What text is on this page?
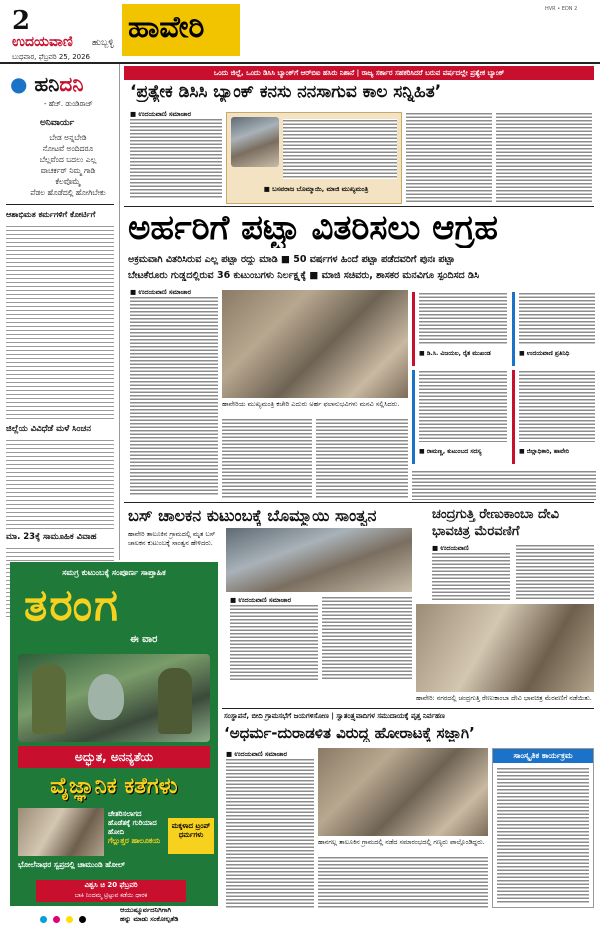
2
ಉದಯವಾಣಿ ಹುಬ್ಬಳ್ಳಿ
ಬುಧವಾರ, ಫೆಬ್ರವರಿ 25, 2026
ಹಾವೇರಿ
HVR • EDN 2
● ಹನಿದನಿ
- ಹೆಚ್. ಡುಂಡಿರಾಜ್
ಅನಿವಾರ್ಯ
ಬೇಡ ಅನ್ನಬೇಡಿ
ನೋಟವೆ ಅಂದಿದರೂ
ಬೆಲ್ಲವೆಂದ ಬದಲು ಎಲ್ಲ
ವಾಚರ್ಕರ್ ನಿಮ್ಮ ಗಾಡಿ
ಕೆಲವೊಮ್ಮೆ
ಪೆಡಲ ಹೊಡೆದಲ್ಲಿ ಹೋಗಿಬೇಕು
ಆಶಾಭಿಮತ ಕರ್ಮಗಳಿಗೆ ಕೋರ್ಟಿಗೆ
ಜಿಲ್ಲೆಯ ವಿವಿಧೆಡೆ ಮಳೆ ಸಿಂಚನ
ಮಾ. 23ಕ್ಕೆ ಸಾಮೂಹಿಕ ವಿವಾಹ
ಸಮಗ್ರ ಕುಟುಂಬಕ್ಕೆ ಸಂಪೂರ್ಣ ಸಾಪ್ತಾಹಿಕ
ತರಂಗ
ಈ ವಾರ
ಅದ್ಭುತ, ಅನನ್ಯತೆಯ
ವೈಜ್ಞಾನಿಕ ಕತೆಗಳು
ಚೇತರಿಸಲಾಗದ ಹೊಡೆತಕ್ಕೆ ಗುರಿಯಾದ ಹೋದಿ
ಗೆಲ್ಲುತ್ತರ ಹಾಲೂಕಯ
ಮಕ್ಕಳಾದ ಟ್ರಂಪ್ ಧರ್ಮಗಳು
ಭೋಲೆನಾಥರ ಸ್ವಪ್ರದಲ್ಲಿ ಚಾಮುಂಡಿ ಹೋಲ್
ವಿಶ್ವಸಿ ಚಿ 20 ಫೆಬ್ರವರಿ
ಬಾಕಿ ನಿಂದಮ್ಮ ಟ್ರಿಟ್ಟುವ ಕಡೆಯಿ ಧಾರಕ
ಒಂದು ಜಿಲ್ಲೆ, ಒಂದು ಡಿಸಿಸಿ ಬ್ಯಾಂಕ್‌ಗೆ ಆರ್‌ಬಿಐ ಹಸಿರು ನಿಶಾನೆ | ರಾಜ್ಯ ಸರ್ಕಾರ ಸಹಕರಿಸಿದರೆ ಬರುವ ವರ್ಷದಲ್ಲೇ ಪ್ರತ್ಯೇಕ ಬ್ಯಾಂಕ್
‘ಪ್ರತ್ಯೇಕ ಡಿಸಿಸಿ ಬ್ಯಾಂಕ್ ಕನಸು ನನಸಾಗುವ ಕಾಲ ಸನ್ನಿಹಿತ’
■ ಉದಯವಾಣಿ ಸಮಾಚಾರ
■ ಬಸವರಾಜ ಬೊಮ್ಮಾಯಿ, ಮಾಜಿ ಮುಖ್ಯಮಂತ್ರಿ
ಅರ್ಹರಿಗೆ ಪಟ್ಟಾ ವಿತರಿಸಲು ಆಗ್ರಹ
ಅಕ್ರಮವಾಗಿ ವಿತರಿಸಿರುವ ಎಲ್ಲ ಪಟ್ಟಾ ರದ್ದು ಮಾಡಿ ■ 50 ವರ್ಷಗಳ ಹಿಂದೆ ಪಟ್ಟಾ ಪಡೆದವರಿಗೆ ಪುನಃ ಪಟ್ಟಾ
ಬೇಟಕೆರೂರು ಗುಡ್ಡದಲ್ಲಿರುವ 36 ಕುಟುಂಬಗಳು ನಿರ್ಲಕ್ಷ್ಯಕ್ಕೆ ■ ಮಾಜಿ ಸಚಿವರು, ಶಾಸಕರ ಮನವಿಗೂ ಸ್ಪಂದಿಸದ ಡಿಸಿ
■ ಉದಯವಾಣಿ ಸಮಾಚಾರ
ಹಾವೇರಿಯ ಮುಖ್ಯಮಂತ್ರಿ ಕಚೇರಿ ಎದುರು ಅರ್ಹ ಫಲಾನುಭವಿಗಳು ಮನವಿ ಸಲ್ಲಿಸಿದರು.
■ ಡಿ.ಸಿ. ವಿಜಯಲ, ರೈತ ಮುಖಂಡ	■ ಉದಯವಾಣಿ ಪ್ರತಿನಿಧಿ
■ ರಾಮಣ್ಣ, ಕುಟುಂಬದ ಸದಸ್ಯ	■ ಜಿಲ್ಲಾಧಿಕಾರಿ, ಹಾವೇರಿ
ಬಸ್ ಚಾಲಕನ ಕುಟುಂಬಕ್ಕೆ ಬೊಮ್ಮಾಯಿ ಸಾಂತ್ವನ
ಹಾವೇರಿ ತಾಲೂಕಿನ ಗ್ರಾಮದಲ್ಲಿ ಮೃತ ಬಸ್ ಚಾಲಕನ ಕುಟುಂಬಕ್ಕೆ ಸಾಂತ್ವನ ಹೇಳಿದರು.
■ ಉದಯವಾಣಿ ಸಮಾಚಾರ
ಚಂದ್ರಗುತ್ತಿ ರೇಣುಕಾಂಬಾ ದೇವಿ ಭಾವಚಿತ್ರ ಮೆರವಣಿಗೆ
■ ಉದಯವಾಣಿ
ಹಾವೇರಿ: ನಗರದಲ್ಲಿ ಚಂದ್ರಗುತ್ತಿ ರೇಣುಕಾಂಬಾ ದೇವಿ ಭಾವಚಿತ್ರ ಮೆರವಣಿಗೆ ನಡೆಯಿತು.
ಸಂಸ್ಥಾಪನೆ, ಬೀದಿ ಗ್ರಾಮಸಭೆಗೆ ಜಯಗಳಿಸೋಣ | ಸ್ವಾತಂತ್ರ್ಯವಾದಿಗಳ ಸಮುದಾಯಕ್ಕೆ ಪೃತ್ತ ನಿರ್ವಹಣ
‘ಅಧರ್ಮ-ದುರಾಡಳಿತ ವಿರುದ್ಧ ಹೋರಾಟಕ್ಕೆ ಸಜ್ಜಾಗಿ’
■ ಉದಯವಾಣಿ ಸಮಾಚಾರ
ಹಾನಗಲ್ಲ ತಾಲೂಕಿನ ಗ್ರಾಮದಲ್ಲಿ ನಡೆದ ಸಮಾರಂಭದಲ್ಲಿ ಗಣ್ಯರು ಪಾಲ್ಗೊಂಡಿದ್ದರು.
ಸಾಂಸ್ಕೃತಿಕ ಕಾರ್ಯಕ್ರಮ
ಆಯುಷ್ಮೂರ್ವದನಿಗಿಗಾಗಿ
ಹನ್ನು ಮಾಡು ಸಂಕೋಲ್ಪತೆಡಿ
